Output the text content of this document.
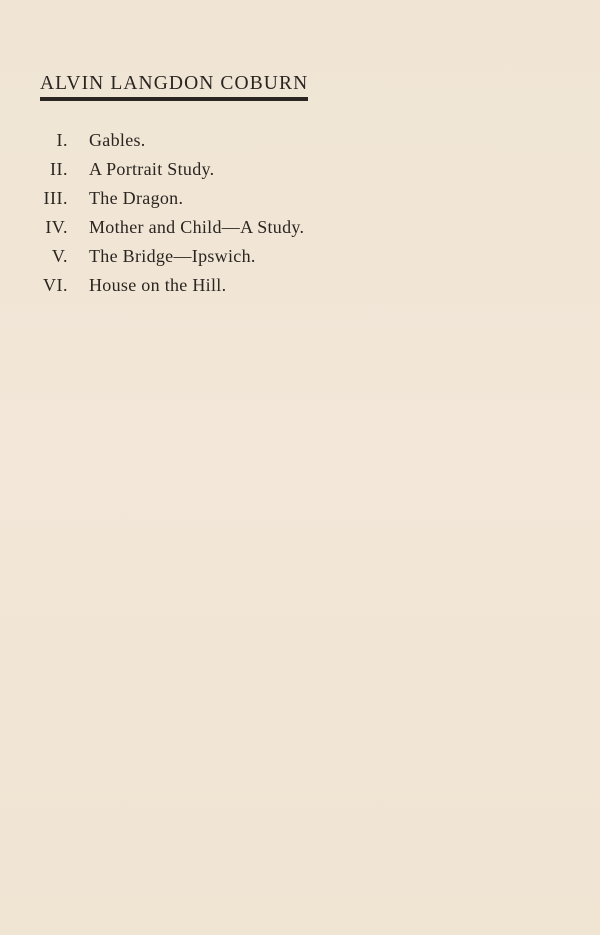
ALVIN LANGDON COBURN
I. Gables.
II. A Portrait Study.
III. The Dragon.
IV. Mother and Child—A Study.
V. The Bridge—Ipswich.
VI. House on the Hill.
